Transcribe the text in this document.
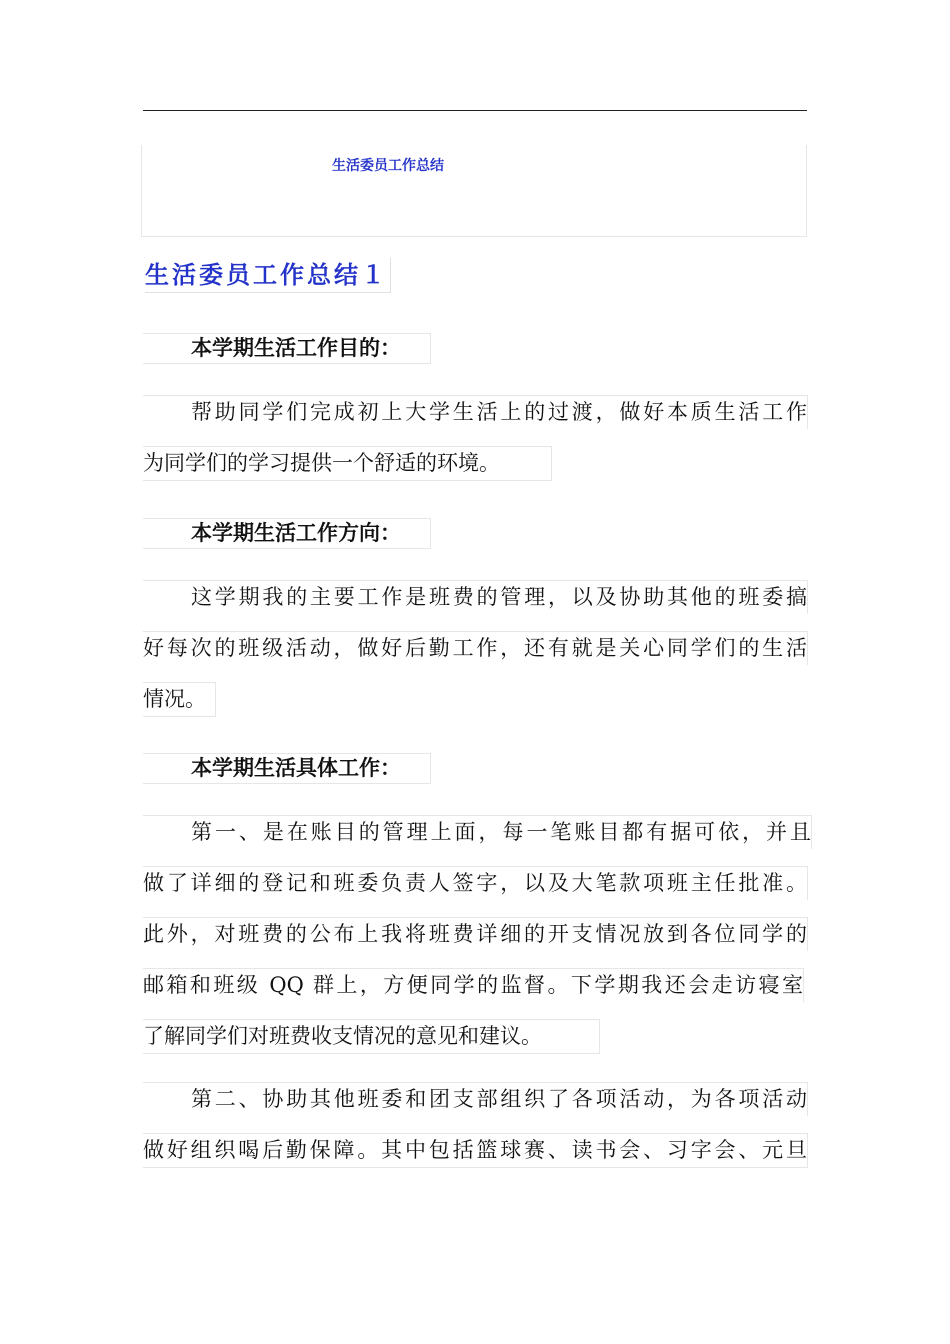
生活委员工作总结
生活委员工作总结１
本学期生活工作目的：
帮助同学们完成初上大学生活上的过渡，做好本质生活工作
为同学们的学习提供一个舒适的环境。
本学期生活工作方向：
这学期我的主要工作是班费的管理，以及协助其他的班委搞
好每次的班级活动，做好后勤工作，还有就是关心同学们的生活
情况。
本学期生活具体工作：
第一、是在账目的管理上面，每一笔账目都有据可依，并且
做了详细的登记和班委负责人签字，以及大笔款项班主任批准。
此外，对班费的公布上我将班费详细的开支情况放到各位同学的
邮箱和班级 QQ 群上，方便同学的监督。下学期我还会走访寝室
了解同学们对班费收支情况的意见和建议。
第二、协助其他班委和团支部组织了各项活动，为各项活动
做好组织喝后勤保障。其中包括篮球赛、读书会、习字会、元旦
